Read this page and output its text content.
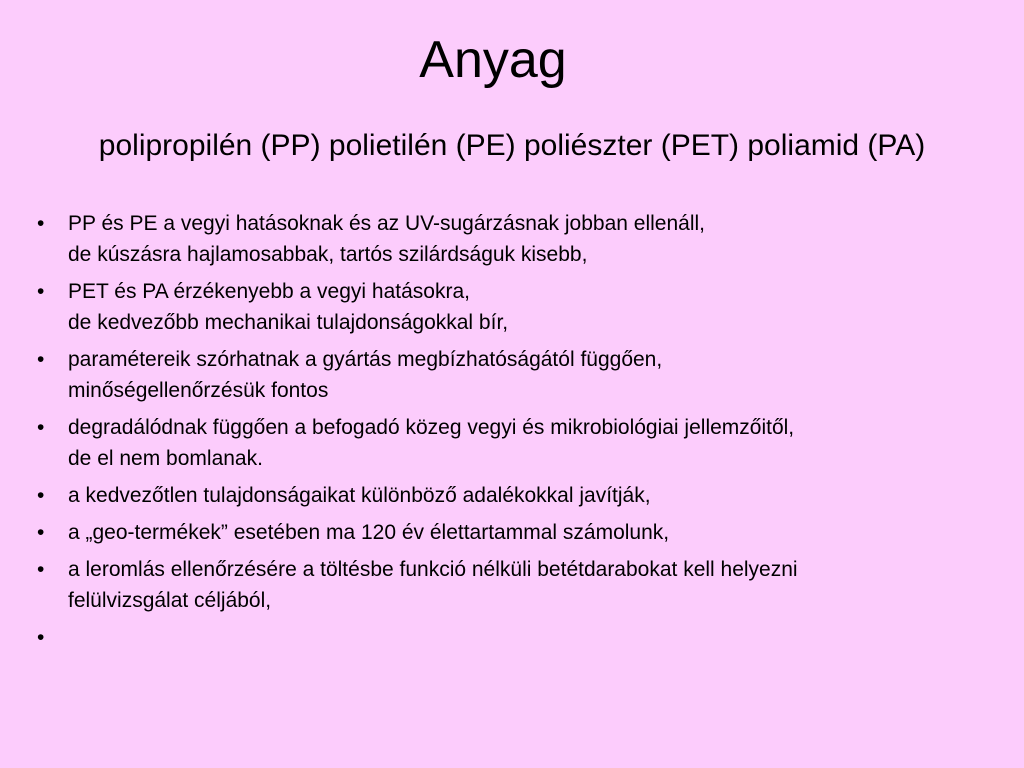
Anyag
polipropilén (PP) polietilén (PE) poliészter (PET) poliamid (PA)
•	PP és PE a vegyi hatásoknak és az UV-sugárzásnak jobban ellenáll,
de kúszásra hajlamosabbak, tartós szilárdságuk kisebb,
•	PET és PA érzékenyebb a vegyi hatásokra,
de kedvezőbb mechanikai tulajdonságokkal bír,
•	paramétereik szórhatnak a gyártás megbízhatóságától függően,
minőségellenőrzésük fontos
•	degradálódnak függően a befogadó közeg vegyi és mikrobiológiai jellemzőitől,
de el nem bomlanak.
•	a kedvezőtlen tulajdonságaikat különböző adalékokkal javítják,
•	a „geo-termékek” esetében ma 120 év élettartammal számolunk,
•	a leromlás ellenőrzésére a töltésbe funkció nélküli betétdarabokat kell helyezni
felülvizsgálat céljából,
•
